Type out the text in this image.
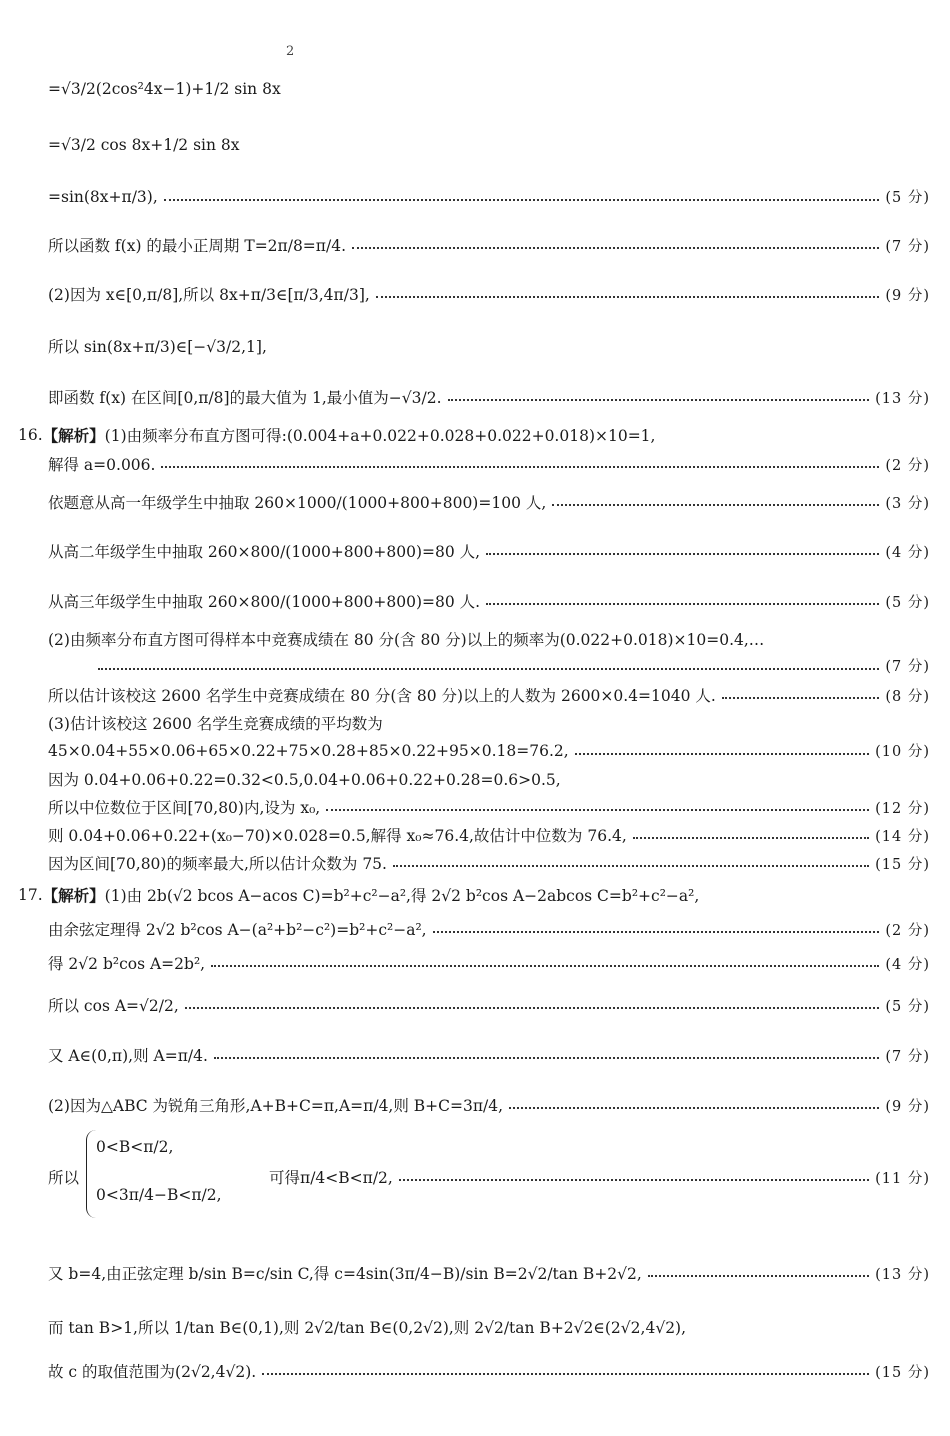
2
=√3/2(2cos²4x−1)+1/2 sin 8x
=√3/2 cos 8x+1/2 sin 8x
=sin(8x+π/3),	(5 分)
所以函数 f(x) 的最小正周期 T=2π/8=π/4.	(7 分)
(2)因为 x∈[0,π/8],所以 8x+π/3∈[π/3,4π/3],	(9 分)
所以 sin(8x+π/3)∈[−√3/2,1],
即函数 f(x) 在区间[0,π/8]的最大值为 1,最小值为−√3/2.	(13 分)
16. 【解析】 (1)由频率分布直方图可得:(0.004+a+0.022+0.028+0.022+0.018)×10=1,
解得 a=0.006.	(2 分)
依题意从高一年级学生中抽取 260×1000/(1000+800+800)=100 人,	(3 分)
从高二年级学生中抽取 260×800/(1000+800+800)=80 人,	(4 分)
从高三年级学生中抽取 260×800/(1000+800+800)=80 人.	(5 分)
(2)由频率分布直方图可得样本中竞赛成绩在 80 分(含 80 分)以上的频率为(0.022+0.018)×10=0.4,…
(7 分)
所以估计该校这 2600 名学生中竞赛成绩在 80 分(含 80 分)以上的人数为 2600×0.4=1040 人.	(8 分)
(3)估计该校这 2600 名学生竞赛成绩的平均数为
45×0.04+55×0.06+65×0.22+75×0.28+85×0.22+95×0.18=76.2,	(10 分)
因为 0.04+0.06+0.22=0.32<0.5,0.04+0.06+0.22+0.28=0.6>0.5,
所以中位数位于区间[70,80)内,设为 x₀,	(12 分)
则 0.04+0.06+0.22+(x₀−70)×0.028=0.5,解得 x₀≈76.4,故估计中位数为 76.4,	(14 分)
因为区间[70,80)的频率最大,所以估计众数为 75.	(15 分)
17. 【解析】 (1)由 2b(√2 bcos A−acos C)=b²+c²−a²,得 2√2 b²cos A−2abcos C=b²+c²−a²,
由余弦定理得 2√2 b²cos A−(a²+b²−c²)=b²+c²−a²,	(2 分)
得 2√2 b²cos A=2b²,	(4 分)
所以 cos A=√2/2,	(5 分)
又 A∈(0,π),则 A=π/4.	(7 分)
(2)因为△ABC 为锐角三角形,A+B+C=π,A=π/4,则 B+C=3π/4,	(9 分)
所以	可得π/4<B<π/2,	(11 分)
0<B<π/2,
0<3π/4−B<π/2,
又 b=4,由正弦定理 b/sin B=c/sin C,得 c=4sin(3π/4−B)/sin B=2√2/tan B+2√2,	(13 分)
而 tan B>1,所以 1/tan B∈(0,1),则 2√2/tan B∈(0,2√2),则 2√2/tan B+2√2∈(2√2,4√2),
故 c 的取值范围为(2√2,4√2).	(15 分)
